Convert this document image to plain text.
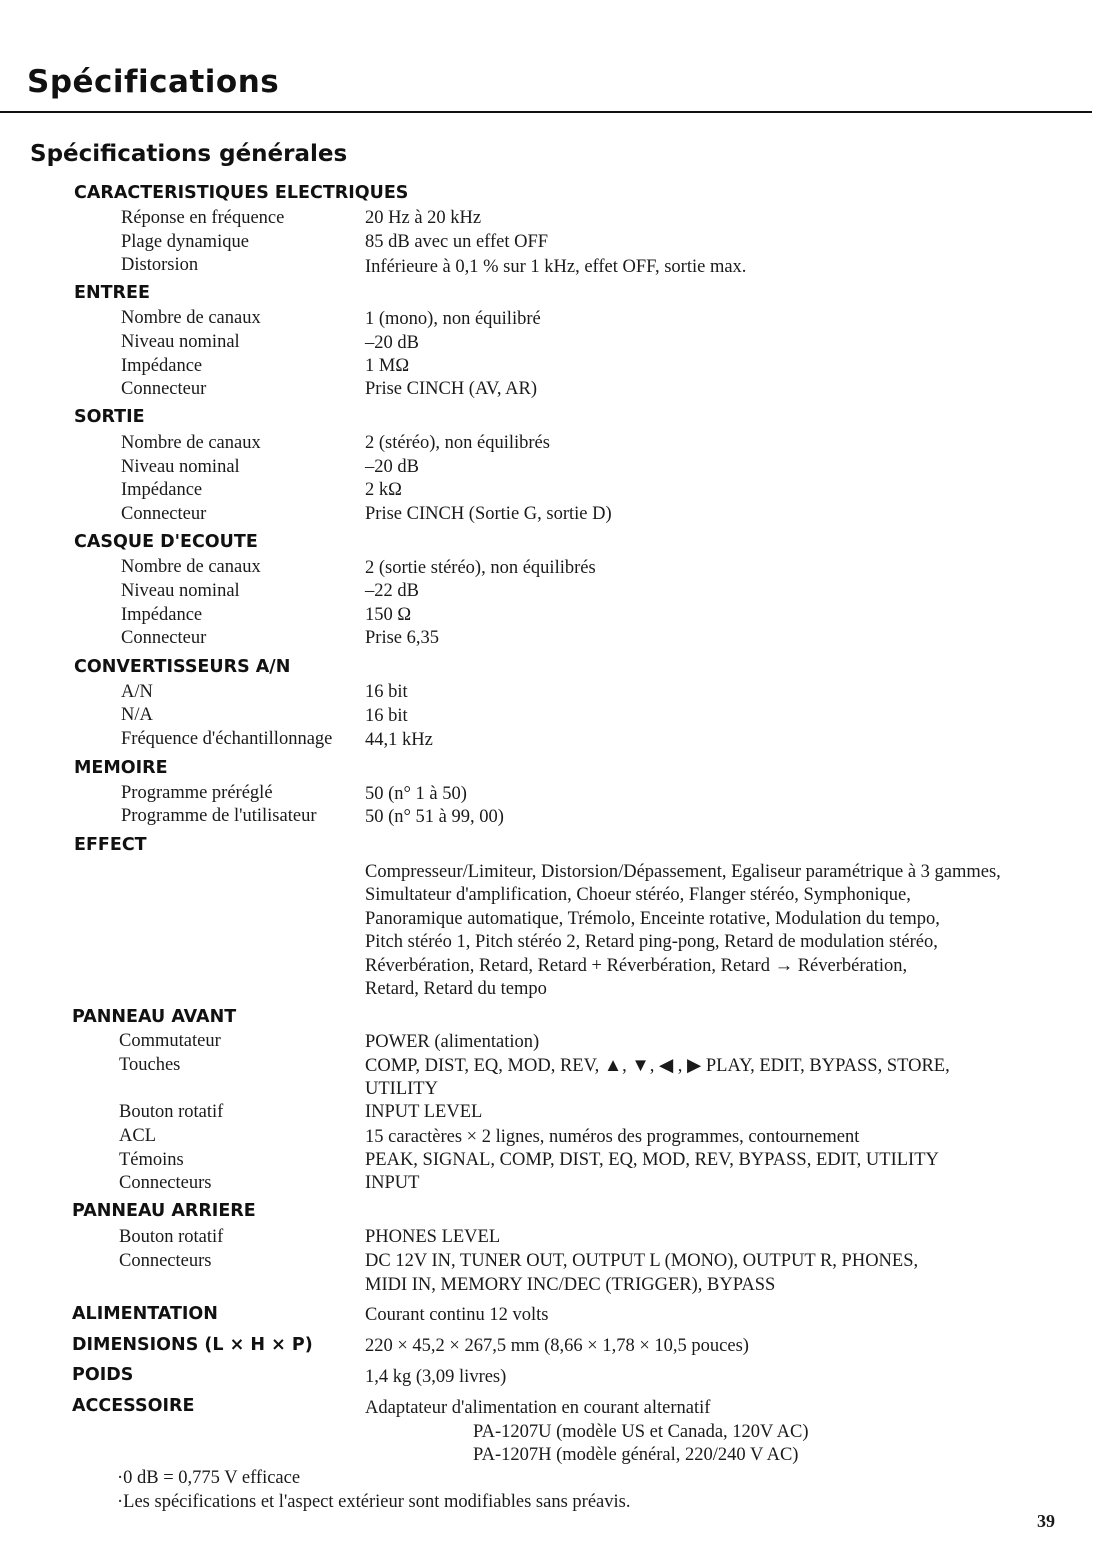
Spécifications
Spécifications générales
CARACTERISTIQUES ELECTRIQUES
Réponse en fréquence	20 Hz à 20 kHz
Plage dynamique	85 dB avec un effet OFF
Distorsion	Inférieure à 0,1 % sur 1 kHz, effet OFF, sortie max.
ENTREE
Nombre de canaux	1 (mono), non équilibré
Niveau nominal	–20 dB
Impédance	1 MΩ
Connecteur	Prise CINCH (AV, AR)
SORTIE
Nombre de canaux	2 (stéréo), non équilibrés
Niveau nominal	–20 dB
Impédance	2 kΩ
Connecteur	Prise CINCH (Sortie G, sortie D)
CASQUE D'ECOUTE
Nombre de canaux	2 (sortie stéréo), non équilibrés
Niveau nominal	–22 dB
Impédance	150 Ω
Connecteur	Prise 6,35
CONVERTISSEURS A/N
A/N	16 bit
N/A	16 bit
Fréquence d'échantillonnage 44,1 kHz
MEMOIRE
Programme préréglé	50 (n° 1 à 50)
Programme de l'utilisateur	50 (n° 51 à 99, 00)
EFFECT
Compresseur/Limiteur, Distorsion/Dépassement, Egaliseur paramétrique à 3 gammes,
Simultateur d'amplification, Choeur stéréo, Flanger stéréo, Symphonique,
Panoramique automatique, Trémolo, Enceinte rotative, Modulation du tempo,
Pitch stéréo 1, Pitch stéréo 2, Retard ping-pong, Retard de modulation stéréo,
Réverbération, Retard, Retard + Réverbération, Retard → Réverbération,
Retard, Retard du tempo
PANNEAU AVANT
Commutateur	POWER (alimentation)
Touches	COMP, DIST, EQ, MOD, REV, ▲, ▼, ◀ , ▶ PLAY, EDIT, BYPASS, STORE,
UTILITY
Bouton rotatif	INPUT LEVEL
ACL	15 caractères × 2 lignes, numéros des programmes, contournement
Témoins	PEAK, SIGNAL, COMP, DIST, EQ, MOD, REV, BYPASS, EDIT, UTILITY
Connecteurs	INPUT
PANNEAU ARRIERE
Bouton rotatif	PHONES LEVEL
Connecteurs	DC 12V IN, TUNER OUT, OUTPUT L (MONO), OUTPUT R, PHONES,
MIDI IN, MEMORY INC/DEC (TRIGGER), BYPASS
ALIMENTATION	Courant continu 12 volts
DIMENSIONS (L × H × P)	220 × 45,2 × 267,5 mm (8,66 × 1,78 × 10,5 pouces)
POIDS	1,4 kg (3,09 livres)
ACCESSOIRE	Adaptateur d'alimentation en courant alternatif
PA-1207U (modèle US et Canada, 120V AC)
PA-1207H (modèle général, 220/240 V AC)
·0 dB = 0,775 V efficace
·Les spécifications et l'aspect extérieur sont modifiables sans préavis.
39
